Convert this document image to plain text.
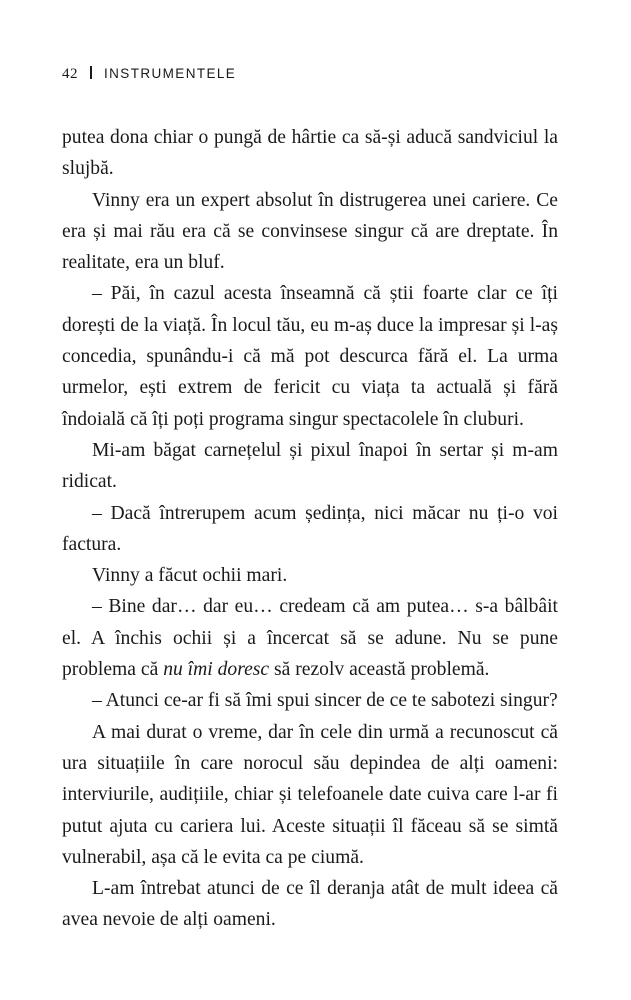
42 INSTRUMENTELE

putea dona chiar o pungă de hârtie ca să-și aducă sandviciul la slujbă.

Vinny era un expert absolut în distrugerea unei cariere. Ce era și mai rău era că se convinsese singur că are dreptate. În realitate, era un bluf.

– Păi, în cazul acesta înseamnă că știi foarte clar ce îți dorești de la viață. În locul tău, eu m-aș duce la impresar și l-aș concedia, spunându-i că mă pot descurca fără el. La urma urmelor, ești extrem de fericit cu viața ta actuală și fără îndoială că îți poți programa singur spectacolele în cluburi.

Mi-am băgat carnețelul și pixul înapoi în sertar și m-am ridicat.

– Dacă întrerupem acum ședința, nici măcar nu ți-o voi factura.

Vinny a făcut ochii mari.

– Bine dar… dar eu… credeam că am putea… s-a bâlbâit el. A închis ochii și a încercat să se adune. Nu se pune problema că nu îmi doresc să rezolv această problemă.

– Atunci ce-ar fi să îmi spui sincer de ce te sabotezi singur?

A mai durat o vreme, dar în cele din urmă a recunoscut că ura situațiile în care norocul său depindea de alți oameni: interviurile, audițiile, chiar și telefoanele date cuiva care l-ar fi putut ajuta cu cariera lui. Aceste situații îl făceau să se simtă vulnerabil, așa că le evita ca pe ciumă.

L-am întrebat atunci de ce îl deranja atât de mult ideea că avea nevoie de alți oameni.
